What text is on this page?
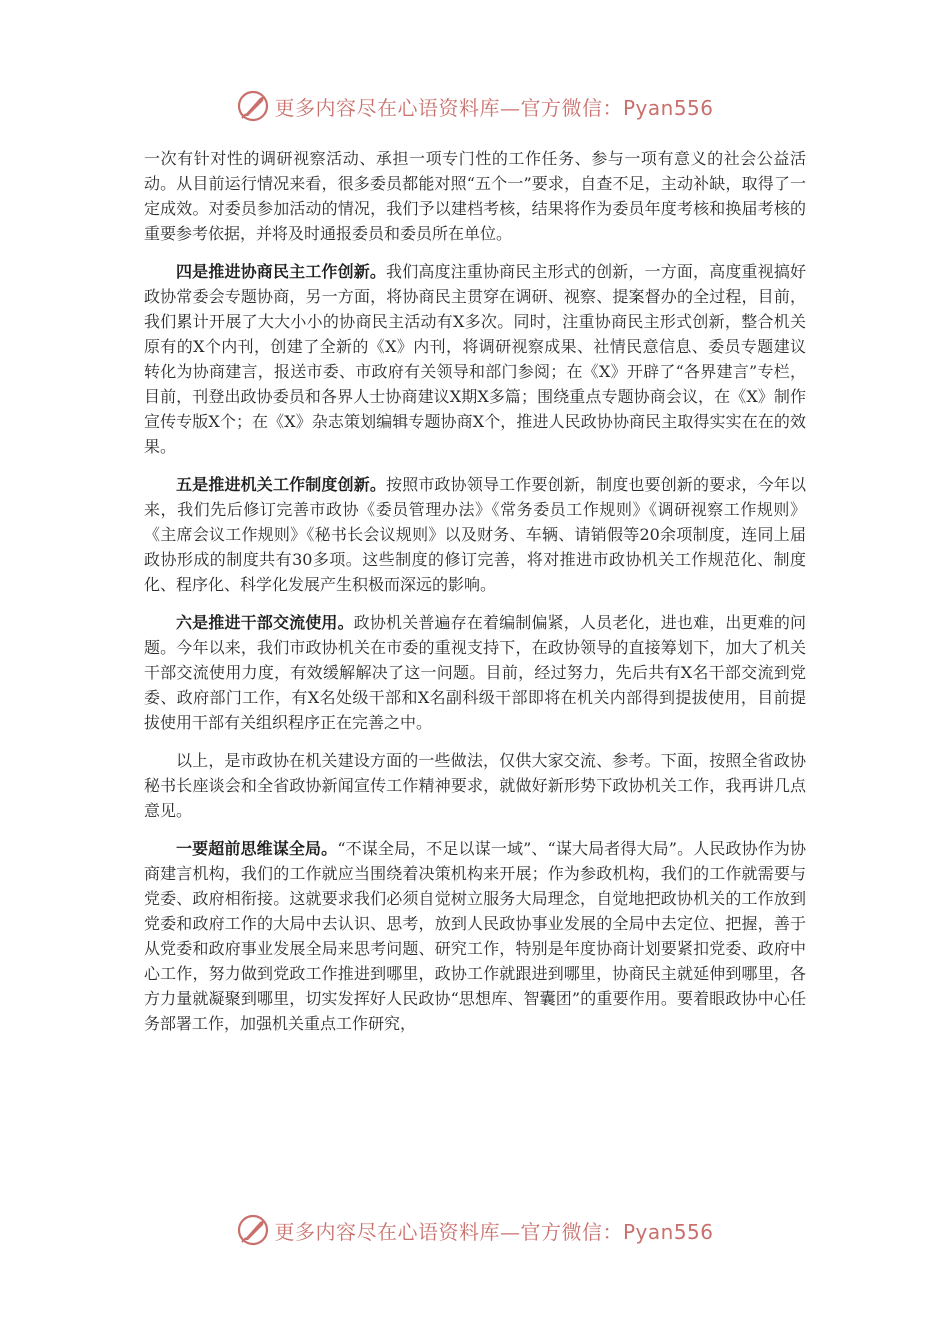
更多内容尽在心语资料库—官方微信：Pyan556

一次有针对性的调研视察活动、承担一项专门性的工作任务、参与一项有意义的社会公益活动。从目前运行情况来看，很多委员都能对照“五个一”要求，自查不足，主动补缺，取得了一定成效。对委员参加活动的情况，我们予以建档考核，结果将作为委员年度考核和换届考核的重要参考依据，并将及时通报委员和委员所在单位。

四是推进协商民主工作创新。我们高度注重协商民主形式的创新，一方面，高度重视搞好政协常委会专题协商，另一方面，将协商民主贯穿在调研、视察、提案督办的全过程，目前，我们累计开展了大大小小的协商民主活动有X多次。同时，注重协商民主形式创新，整合机关原有的X个内刊，创建了全新的《X》内刊，将调研视察成果、社情民意信息、委员专题建议转化为协商建言，报送市委、市政府有关领导和部门参阅；在《X》开辟了“各界建言”专栏，目前，刊登出政协委员和各界人士协商建议X期X多篇；围绕重点专题协商会议，在《X》制作宣传专版X个；在《X》杂志策划编辑专题协商X个，推进人民政协协商民主取得实实在在的效果。

五是推进机关工作制度创新。按照市政协领导工作要创新，制度也要创新的要求，今年以来，我们先后修订完善市政协《委员管理办法》《常务委员工作规则》《调研视察工作规则》《主席会议工作规则》《秘书长会议规则》以及财务、车辆、请销假等20余项制度，连同上届政协形成的制度共有30多项。这些制度的修订完善，将对推进市政协机关工作规范化、制度化、程序化、科学化发展产生积极而深远的影响。

六是推进干部交流使用。政协机关普遍存在着编制偏紧，人员老化，进也难，出更难的问题。今年以来，我们市政协机关在市委的重视支持下，在政协领导的直接筹划下，加大了机关干部交流使用力度，有效缓解解决了这一问题。目前，经过努力，先后共有X名干部交流到党委、政府部门工作，有X名处级干部和X名副科级干部即将在机关内部得到提拔使用，目前提拔使用干部有关组织程序正在完善之中。

以上，是市政协在机关建设方面的一些做法，仅供大家交流、参考。下面，按照全省政协秘书长座谈会和全省政协新闻宣传工作精神要求，就做好新形势下政协机关工作，我再讲几点意见。

一要超前思维谋全局。“不谋全局，不足以谋一域”、“谋大局者得大局”。人民政协作为协商建言机构，我们的工作就应当围绕着决策机构来开展；作为参政机构，我们的工作就需要与党委、政府相衔接。这就要求我们必须自觉树立服务大局理念，自觉地把政协机关的工作放到党委和政府工作的大局中去认识、思考，放到人民政协事业发展的全局中去定位、把握，善于从党委和政府事业发展全局来思考问题、研究工作，特别是年度协商计划要紧扣党委、政府中心工作，努力做到党政工作推进到哪里，政协工作就跟进到哪里，协商民主就延伸到哪里，各方力量就凝聚到哪里，切实发挥好人民政协“思想库、智囊团”的重要作用。要着眼政协中心任务部署工作，加强机关重点工作研究，

更多内容尽在心语资料库—官方微信：Pyan556
